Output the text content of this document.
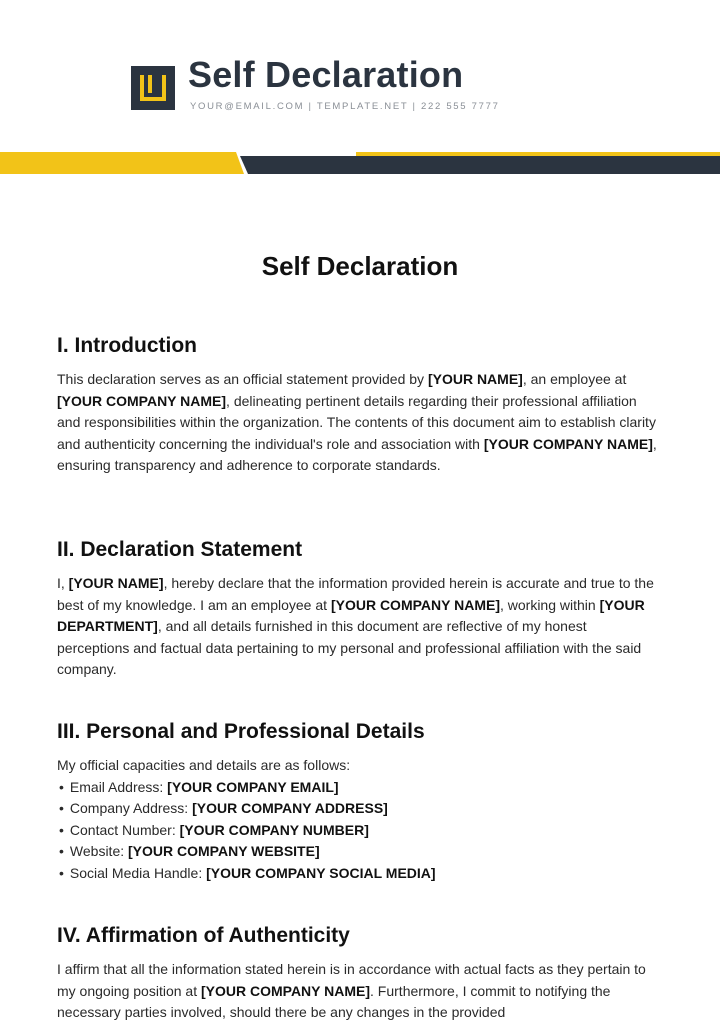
Self Declaration
YOUR@EMAIL.COM | TEMPLATE.NET | 222 555 7777
Self Declaration
I. Introduction

This declaration serves as an official statement provided by [YOUR NAME], an employee at [YOUR COMPANY NAME], delineating pertinent details regarding their professional affiliation and responsibilities within the organization. The contents of this document aim to establish clarity and authenticity concerning the individual's role and association with [YOUR COMPANY NAME], ensuring transparency and adherence to corporate standards.

II. Declaration Statement

I, [YOUR NAME], hereby declare that the information provided herein is accurate and true to the best of my knowledge. I am an employee at [YOUR COMPANY NAME], working within [YOUR DEPARTMENT], and all details furnished in this document are reflective of my honest perceptions and factual data pertaining to my personal and professional affiliation with the said company.

III. Personal and Professional Details

My official capacities and details are as follows:

• Email Address: [YOUR COMPANY EMAIL]
• Company Address: [YOUR COMPANY ADDRESS]
• Contact Number: [YOUR COMPANY NUMBER]
• Website: [YOUR COMPANY WEBSITE]
• Social Media Handle: [YOUR COMPANY SOCIAL MEDIA]
IV. Affirmation of Authenticity

I affirm that all the information stated herein is in accordance with actual facts as they pertain to my ongoing position at [YOUR COMPANY NAME]. Furthermore, I commit to notifying the necessary parties involved, should there be any changes in the provided
